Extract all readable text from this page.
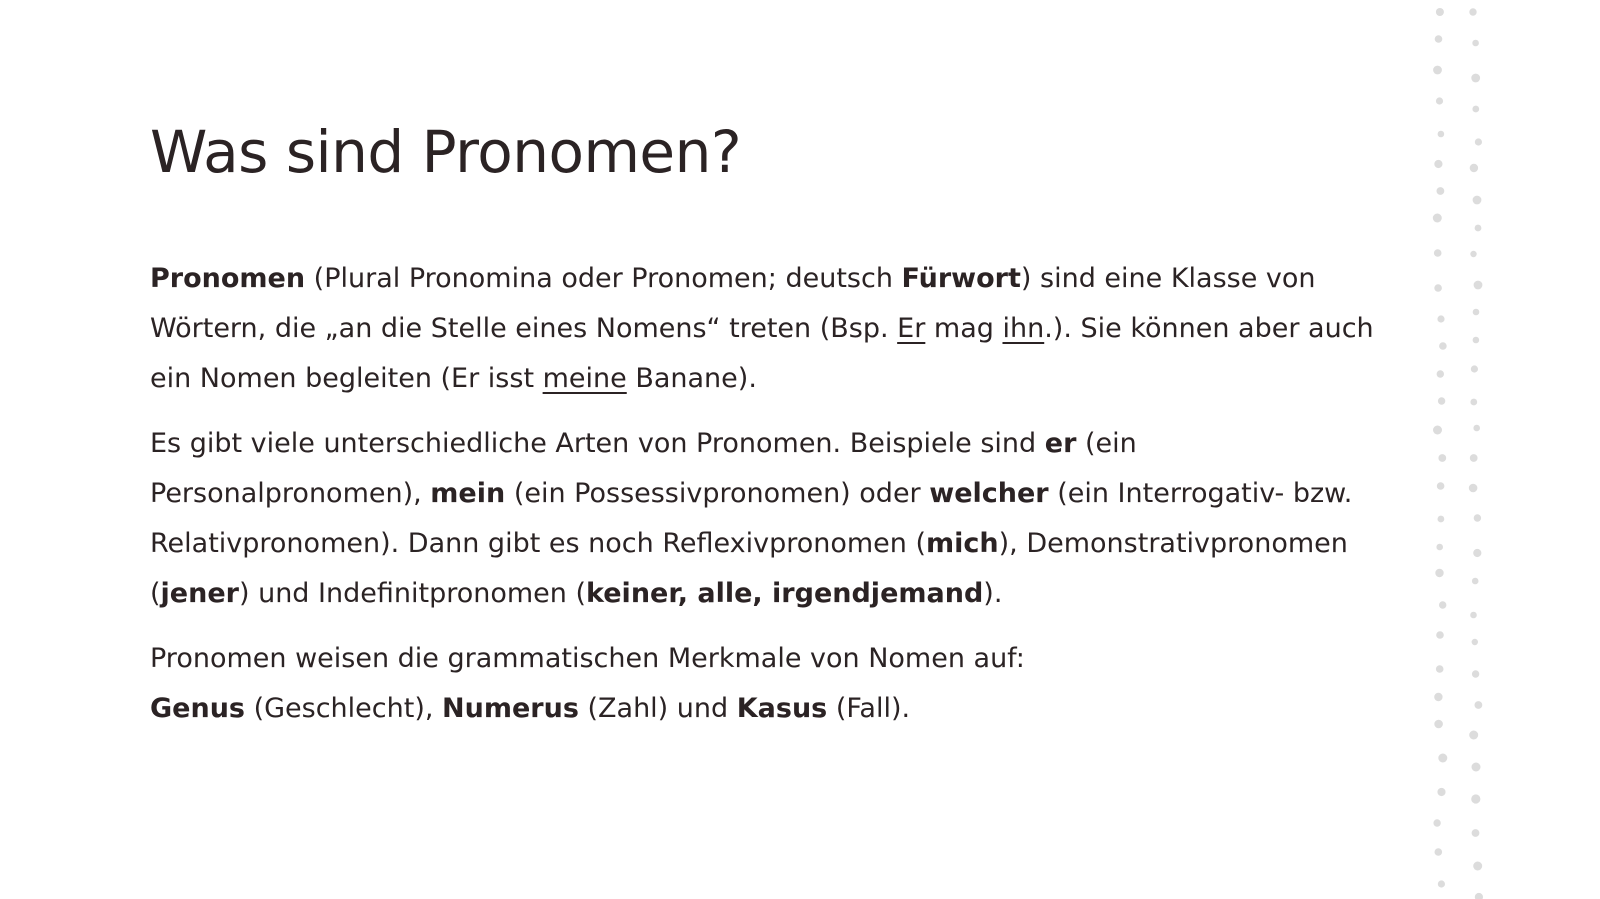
Was sind Pronomen?

Pronomen (Plural Pronomina oder Pronomen; deutsch Fürwort) sind eine Klasse von Wörtern, die „an die Stelle eines Nomens“ treten (Bsp. Er mag ihn.). Sie können aber auch ein Nomen begleiten (Er isst meine Banane).

Es gibt viele unterschiedliche Arten von Pronomen. Beispiele sind er (ein Personalpronomen), mein (ein Possessivpronomen) oder welcher (ein Interrogativ- bzw. Relativpronomen). Dann gibt es noch Reflexivpronomen (mich), Demonstrativpronomen (jener) und Indefinitpronomen (keiner, alle, irgendjemand).

Pronomen weisen die grammatischen Merkmale von Nomen auf:
Genus (Geschlecht), Numerus (Zahl) und Kasus (Fall).
